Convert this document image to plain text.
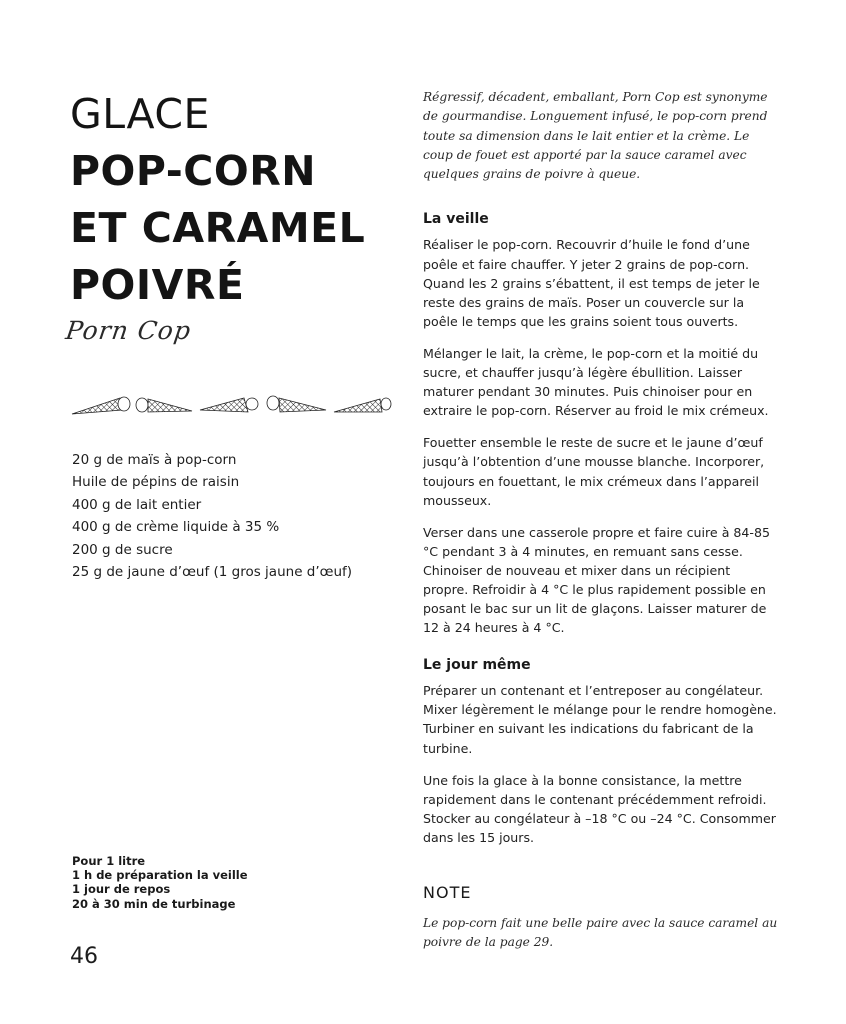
GLACE
POP-CORN
ET CARAMEL
POIVRÉ
Porn Cop
20 g de maïs à pop-corn
Huile de pépins de raisin
400 g de lait entier
400 g de crème liquide à 35 %
200 g de sucre
25 g de jaune d’œuf (1 gros jaune d’œuf)
Pour 1 litre
1 h de préparation la veille
1 jour de repos
20 à 30 min de turbinage
46

Régressif, décadent, emballant, Porn Cop est synonyme de gourmandise. Longuement infusé, le pop-corn prend toute sa dimension dans le lait entier et la crème. Le coup de fouet est apporté par la sauce caramel avec quelques grains de poivre à queue.

La veille

Réaliser le pop-corn. Recouvrir d’huile le fond d’une poêle et faire chauffer. Y jeter 2 grains de pop-corn. Quand les 2 grains s’ébattent, il est temps de jeter le reste des grains de maïs. Poser un couvercle sur la poêle le temps que les grains soient tous ouverts.

Mélanger le lait, la crème, le pop-corn et la moitié du sucre, et chauffer jusqu’à légère ébullition. Laisser maturer pendant 30 minutes. Puis chinoiser pour en extraire le pop-corn. Réserver au froid le mix crémeux.

Fouetter ensemble le reste de sucre et le jaune d’œuf jusqu’à l’obtention d’une mousse blanche. Incorporer, toujours en fouettant, le mix crémeux dans l’appareil mousseux.

Verser dans une casserole propre et faire cuire à 84-85 °C pendant 3 à 4 minutes, en remuant sans cesse. Chinoiser de nouveau et mixer dans un récipient propre. Refroidir à 4 °C le plus rapidement possible en posant le bac sur un lit de glaçons. Laisser maturer de 12 à 24 heures à 4 °C.

Le jour même

Préparer un contenant et l’entreposer au congélateur. Mixer légèrement le mélange pour le rendre homogène. Turbiner en suivant les indications du fabricant de la turbine.

Une fois la glace à la bonne consistance, la mettre rapidement dans le contenant précédemment refroidi. Stocker au congélateur à –18 °C ou –24 °C. Consommer dans les 15 jours.

NOTE

Le pop-corn fait une belle paire avec la sauce caramel au poivre de la page 29.
